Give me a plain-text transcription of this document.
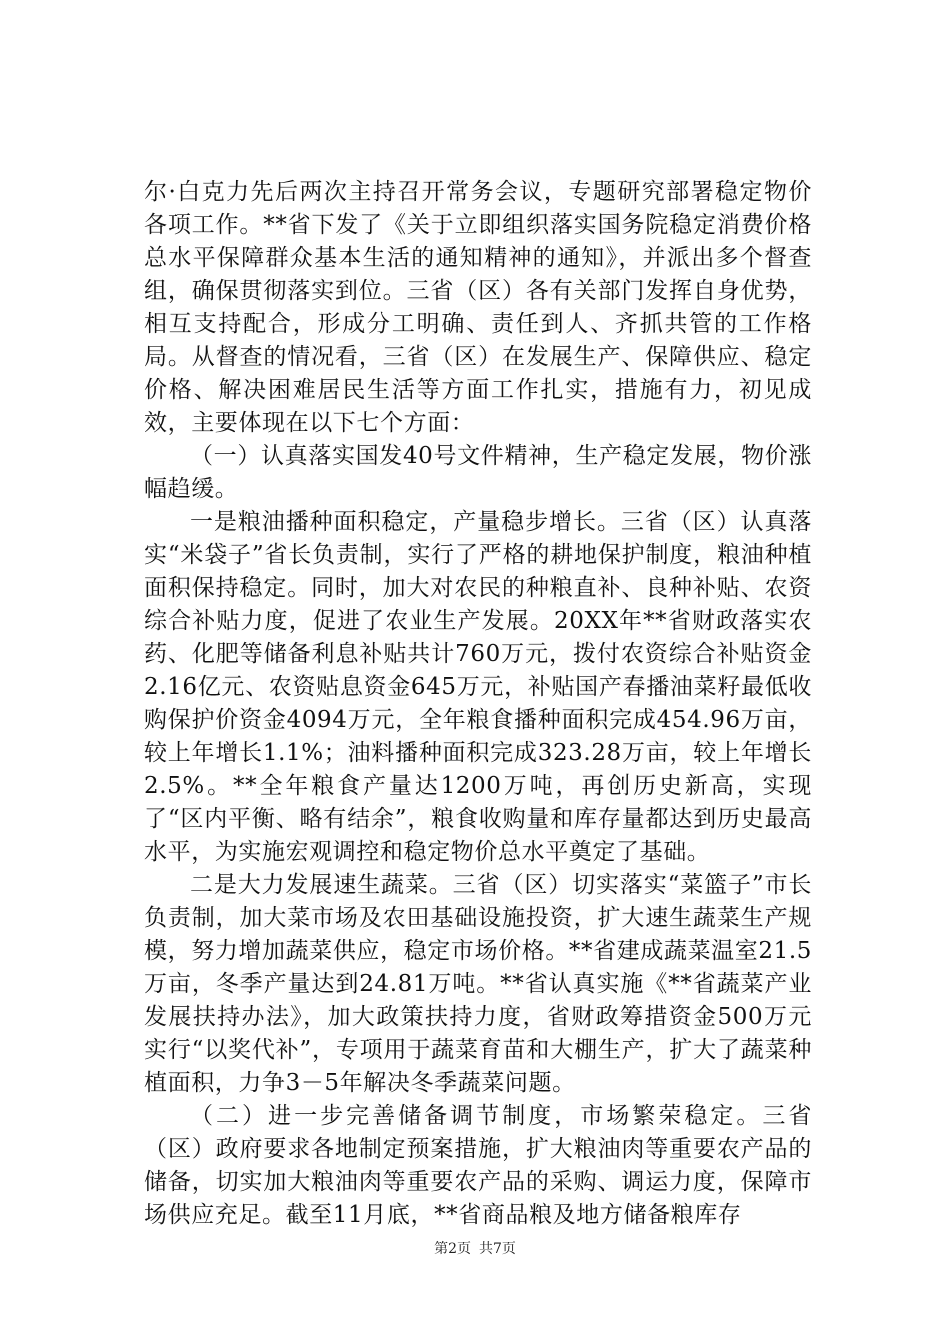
尔·白克力先后两次主持召开常务会议，专题研究部署稳定物价各项工作。**省下发了《关于立即组织落实国务院稳定消费价格总水平保障群众基本生活的通知精神的通知》，并派出多个督查组，确保贯彻落实到位。三省（区）各有关部门发挥自身优势，相互支持配合，形成分工明确、责任到人、齐抓共管的工作格局。从督查的情况看，三省（区）在发展生产、保障供应、稳定价格、解决困难居民生活等方面工作扎实，措施有力，初见成效，主要体现在以下七个方面：

（一）认真落实国发40号文件精神，生产稳定发展，物价涨幅趋缓。

一是粮油播种面积稳定，产量稳步增长。三省（区）认真落实“米袋子”省长负责制，实行了严格的耕地保护制度，粮油种植面积保持稳定。同时，加大对农民的种粮直补、良种补贴、农资综合补贴力度，促进了农业生产发展。20XX年**省财政落实农药、化肥等储备利息补贴共计760万元，拨付农资综合补贴资金2.16亿元、农资贴息资金645万元，补贴国产春播油菜籽最低收购保护价资金4094万元，全年粮食播种面积完成454.96万亩，较上年增长1.1%；油料播种面积完成323.28万亩，较上年增长2.5%。**全年粮食产量达1200万吨，再创历史新高，实现了“区内平衡、略有结余”，粮食收购量和库存量都达到历史最高水平，为实施宏观调控和稳定物价总水平奠定了基础。

二是大力发展速生蔬菜。三省（区）切实落实“菜篮子”市长负责制，加大菜市场及农田基础设施投资，扩大速生蔬菜生产规模，努力增加蔬菜供应，稳定市场价格。**省建成蔬菜温室21.5万亩，冬季产量达到24.81万吨。**省认真实施《**省蔬菜产业发展扶持办法》，加大政策扶持力度，省财政筹措资金500万元实行“以奖代补”，专项用于蔬菜育苗和大棚生产，扩大了蔬菜种植面积，力争3－5年解决冬季蔬菜问题。

（二）进一步完善储备调节制度，市场繁荣稳定。三省（区）政府要求各地制定预案措施，扩大粮油肉等重要农产品的储备，切实加大粮油肉等重要农产品的采购、调运力度，保障市场供应充足。截至11月底，**省商品粮及地方储备粮库存

第2页 共7页
